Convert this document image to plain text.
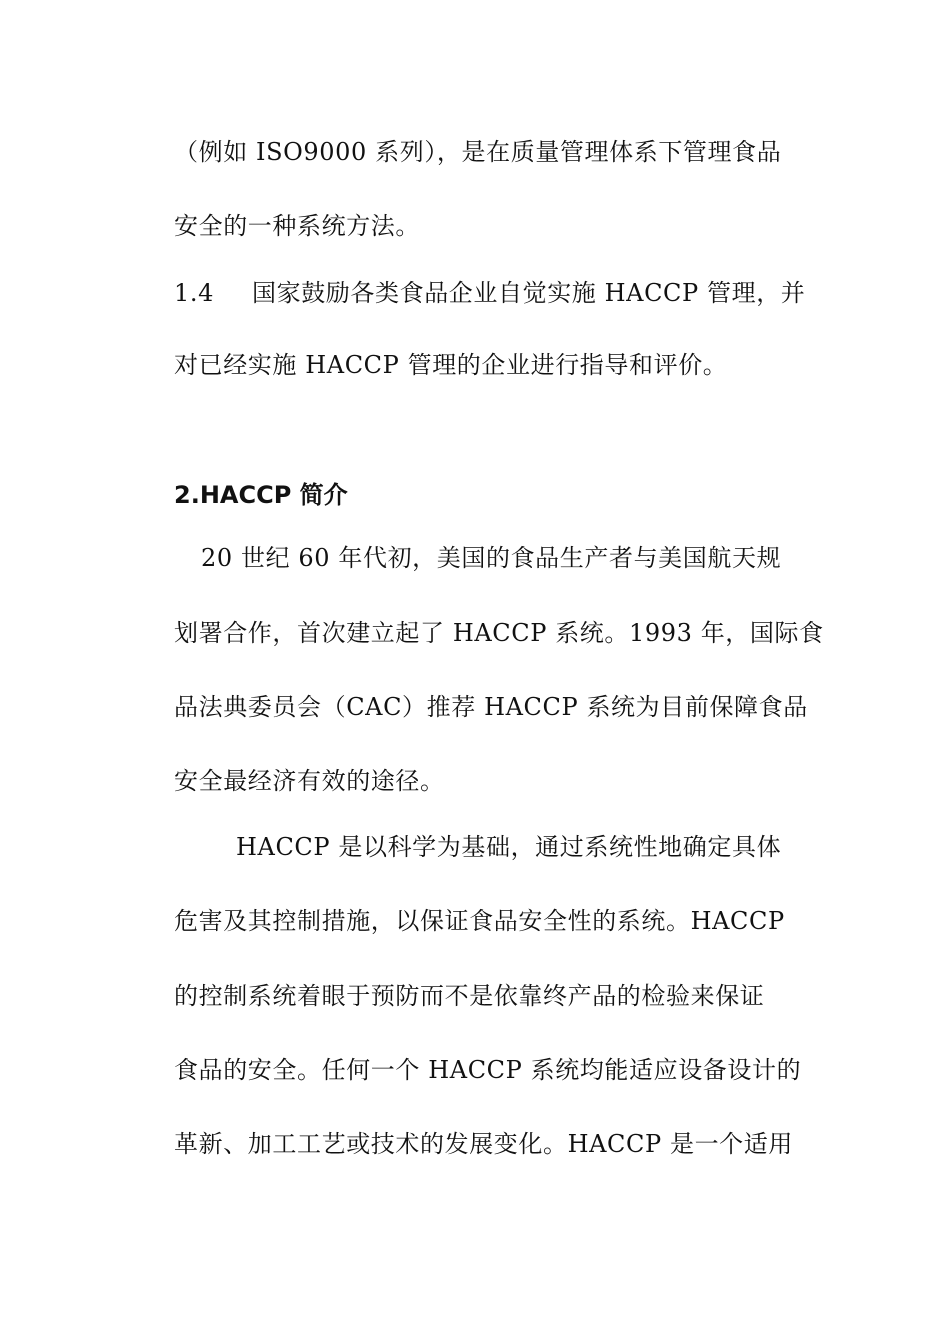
（例如 ISO9000 系列），是在质量管理体系下管理食品
安全的一种系统方法。
1.4 国家鼓励各类食品企业自觉实施 HACCP 管理，并
对已经实施 HACCP 管理的企业进行指导和评价。
2.HACCP 简介
20 世纪 60 年代初，美国的食品生产者与美国航天规
划署合作，首次建立起了 HACCP 系统。1993 年，国际食
品法典委员会（CAC）推荐 HACCP 系统为目前保障食品
安全最经济有效的途径。
HACCP 是以科学为基础，通过系统性地确定具体
危害及其控制措施，以保证食品安全性的系统。HACCP
的控制系统着眼于预防而不是依靠终产品的检验来保证
食品的安全。任何一个 HACCP 系统均能适应设备设计的
革新、加工工艺或技术的发展变化。HACCP 是一个适用
